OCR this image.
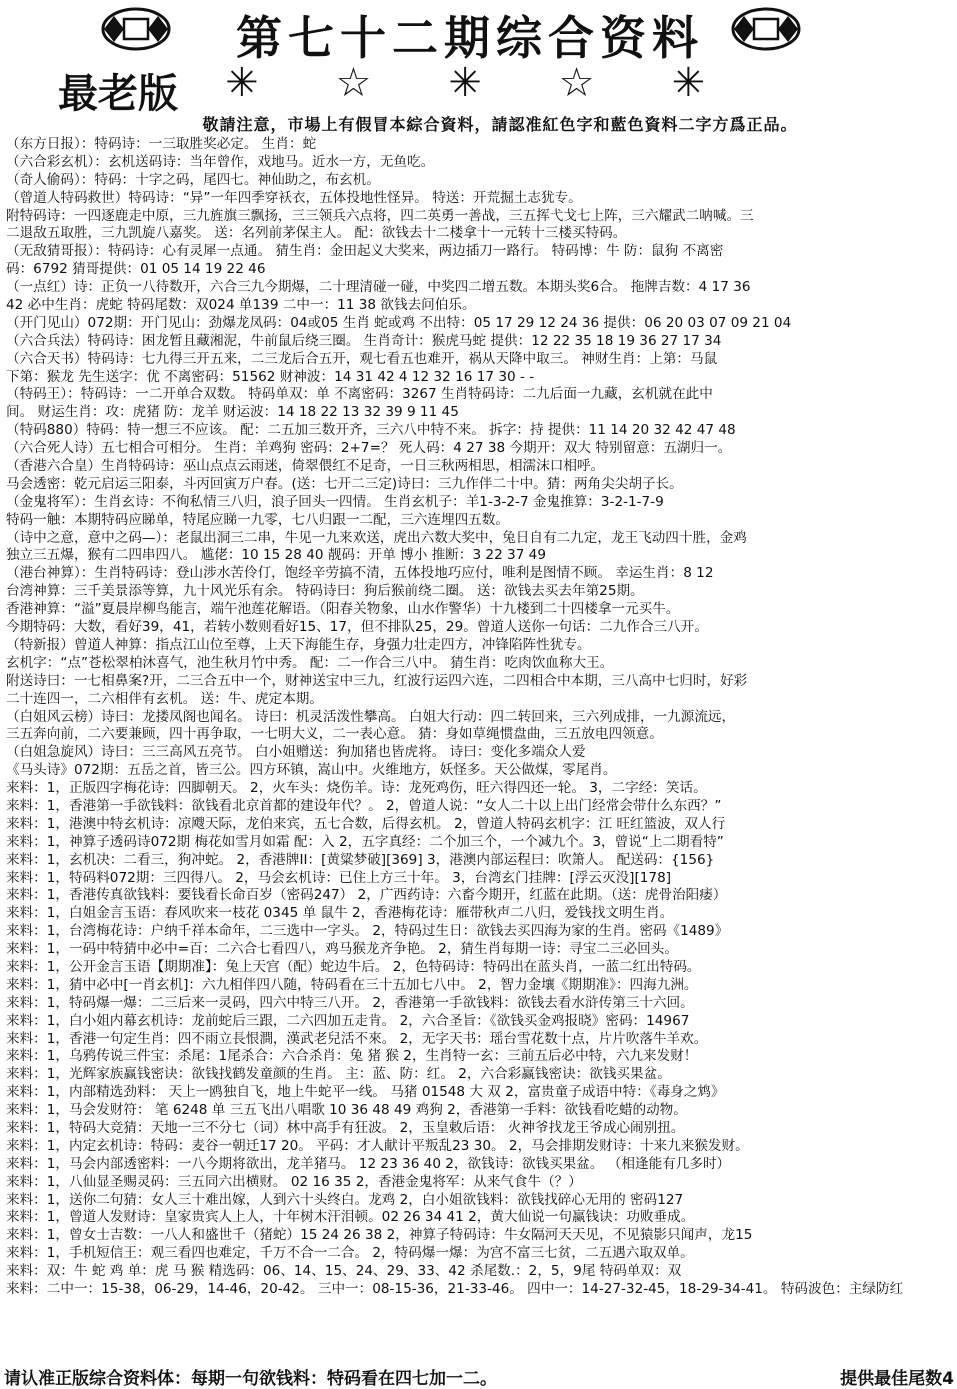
第七十二期综合资料
最老版 ✳ ☆ ✳ ☆ ✳
敬請注意，市場上有假冒本綜合資料，請認准紅色字和藍色資料二字方爲正品。
（东方日报）：特码诗：一三取胜奖必定。 生肖：蛇
（六合彩玄机）：玄机送码诗：当年曾作，戏地马。近水一方，无鱼吃。
（奇人偷码）：特码：十字之码，尾四七。神仙助之，布玄机。
（曾道人特码救世）特码诗：“异”一年四季穿袄衣，五体投地性怪异。 特送：开荒掘土志犹专。
附特码诗：一四逐鹿走中原，三九旌旗三飘扬，三三领兵六点将，四二英勇一善战，三五挥弋戈七上阵，三六耀武二呐喊。三
二退敌五取胜，三九凯旋八嘉奖。 送：名列前茅保主人。 配：欲钱去十二楼拿十一元转十三楼买特码。
（无敌猜哥报）：特码诗：心有灵犀一点通。 猜生肖：金田起义大奖来，两边插刀一路行。 特码博：牛 防：鼠狗 不离密
码：6792 猜哥提供：01 05 14 19 22 46
（一点红）诗：正负一八待数开，六合三九今期爆，二十理清碰一碰，中奖四二增五数。本期头奖6合。 拖牌吉数：4 17 36
42 必中生肖：虎蛇 特码尾数：双024 单139 二中一：11 38 欲钱去问伯乐。
（开门见山）072期：开门见山：劲爆龙凤码：04或05 生肖 蛇或鸡 不出特：05 17 29 12 24 36 提供：06 20 03 07 09 21 04
（六合兵法）特码诗：困龙暂且藏湘泥，牛前鼠后绕三圈。 生肖奇计：猴虎马蛇 提供：12 22 35 18 19 36 27 17 34
（六合天书）特码诗：七九得三开五来，二三龙后合五开，观七看五也难开，祸从天降中取三。 神财生肖：上第：马鼠
下第：猴龙 先生送字：优 不离密码：51562 财神波：14 31 42 4 12 32 16 17 30 - -
（特码王）：特码诗：一二开单合双数。 特码单双：单 不离密码：3267 生肖特码诗：二九后面一九藏，玄机就在此中
间。 财运生肖：攻：虎猪 防：龙羊 财运波：14 18 22 13 32 39 9 11 45
（特码880）特码：特一想三不应该。 配：二五加三数开齐，三六八中特不来。 拆字：持 提供：11 14 20 32 42 47 48
（六合死人诗）五七相合可相分。 生肖：羊鸡狗 密码：2+7=？ 死人码：4 27 38 今期开：双大 特别留意：五湖归一。
（香港六合皇）生肖特码诗：巫山点点云雨迷，倚翠偎红不足奇，一日三秋两相思，相濡沫口相呼。
马会透密：乾元启运三阳泰，斗丙回寅万户春。(送：七开二三定)诗曰：三九作伴二十中。猜：两角尖尖胡子长。
（金鬼将军）：生肖玄诗：不徇私情三八归，浪子回头一四情。 生肖玄机子：羊1-3-2-7 金鬼推算：3-2-1-7-9
特码一触：本期特码应睇单，特尾应睇一九零，七八归跟一二配，三六连埋四五数。
（诗中之意，意中之码—）：老鼠出洞三二串，牛见一九来欢送，虎出六数大奖中，兔日自有二九定，龙王飞动四十胜，金鸡
独立三五爆，猴有二四串四八。 尴佬：10 15 28 40 靓码：开单 博小 推断：3 22 37 49
（港台神算）：生肖特码诗：登山涉水苦伶仃，饱经辛劳搞不清，五体投地巧应付，唯利是图情不顾。 幸运生肖：8 12
台湾神算：三千美景添等算，九十风光乐有余。 特码诗曰：狗后猴前绕二圈。 送：欲钱去买去年第25期。
香港神算：“溢”夏晨岸柳鸟能言，端午池莲花解语。（阳春关物象，山水作警华）十九楼到二十四楼拿一元买牛。
今期特码：大数，看好39，41，若转小数则看好15、17，但不排队25，29。曾道人送你一句话：二九作合三八开。
（特新报）曾道人神算：指点江山位至尊，上天下海能生存，身强力壮走四方，冲锋陷阵性犹专。
玄机字：“点”苍松翠柏沐喜气，池生秋月竹中秀。 配：二一作合三八中。 猜生肖：吃肉饮血称大王。
附送诗曰：一七相鼻案?开，二三合五中一个，财神送宝中三九，红波行运四六连，二四相合中本期，三八高中七归时，好彩
二十连四一，二六相伴有玄机。 送：牛、虎定本期。
（白姐风云榜）诗曰：龙搂凤阁也闻名。 诗曰：机灵活泼性攀高。 白姐大行动：四二转回来，三六列成排，一九源流远，
三五奔向前，二六要兼顾，四十再争取，一七明大义，二一表心意。 猜：身如草绳惯盘曲，三五放电四领意。
（白姐急旋风）诗曰：三三高风五亮节。 白小姐赠送：狗加猪也皆虎将。 诗曰：变化多端众人爱
《马头诗》072期：五岳之首，皆三公。四方环镇，嵩山中。火维地方，妖怪多。天公做煤，零尾肖。
来料：1，正版四字梅花诗：四脚朝天。 2，火车头：烧伤羊。诗：龙死鸡伤，旺六得四还一轮。 3，二字经：笑话。
来料：1，香港第一手欲钱料：欲钱看北京首都的建设年代？。 2，曾道人说：“女人二十以上出门经常会带什么东西？”
来料：1，港澳中特玄机诗：凉飕天际，龙伯来宾，五七合数，后得玄机。 2，曾道人特码玄机字：江 旺红篮波，双人行
来料：1，神算子透码诗072期 梅花如雪月如霜 配：入 2，五字真经：二个加三个，一个减九个。3，曾说“上二期看特”
来料：1，玄机决：二看三，狗冲蛇。 2，香港牌II：[黄粱梦破][369] 3，港澳内部运程曰：吹箫人。 配送码：{156}
来料：1，特码料072期：三四得八。 2，马会玄机诗：已住上方三十年。 3，台湾玄门挂牌：[浮云灭没][178]
来料：1，香港传真欲钱料：要钱看长命百岁（密码247） 2，广西药诗：六畜今期开，红蓝在此期。（送：虎骨治阳痿）
来料：1，白姐金言玉语：春风吹来一枝花 0345 单 鼠牛 2，香港梅花诗：雁带秋声二八归，爱钱找文明生肖。
来料：1，台湾梅花诗：户纳千祥本命年，二三选中一字头。 2，特码过生日：欲钱去买四海为家的生肖。密码《1489》
来料：1，一码中特猜中必中=百：二六合七看四八，鸡马猴龙齐争艳。 2，猜生肖每期一诗：寻宝二三必回头。
来料：1，公开金言玉语【期期准】：兔上天宫（配）蛇边牛后。 2，色特码诗：特码出在蓝头肖，一蓝二红出特码。
来料：1，猜中必中[一肖玄机]：六九相伴四八随，特码看在三十五加七八中。 2，智力金壤《期期准》：四海九洲。
来料：1，特码爆一爆：二三后来一灵码，四六中特三八开。 2，香港第一手欲钱料：欲钱去看水浒传第三十六回。
来料：1，白小姐内幕玄机诗：龙前蛇后三跟，二六四加五走肯。 2，六合圣旨：《欲钱买金鸡报晓》密码：14967
来料：1，香港一句定生肖：四不雨立長恨澗，漢武老兒活不來。 2，无字天书：瑶台雪花数十点，片片吹落牛羊欢。
来料：1，乌鸦传说三件宝：杀尾：1尾杀合：六合杀肖：兔 猪 猴 2，生肖特一玄：三前五后必中特，六九来发财！
来料：1，光辉家族赢钱密诀：欲钱找鹤发童颜的生肖。 主：蓝、防：红。 2，六合彩赢钱密诀：欲钱买果盆。
来料：1，内部精选劲料： 天上一鸥独自飞，地上牛蛇平一线。 马猪 01548 大 双 2，富贵童子成语中特：《毒身之鸩》
来料：1，马会发财符： 笔 6248 单 三五飞出八唱歌 10 36 48 49 鸡狗 2，香港第一手料：欲钱看吃蜡的动物。
来料：1，特码大竞猜：天地一三不分七（词）林中高手有狂波。 2，玉皇敕后语： 火神爷找龙王爷成心闹别扭。
来料：1，内定玄机诗：特码：麦谷一朝迁17 20。 平码：才人献计平叛乱23 30。 2，马会排期发财诗：十来九来猴发财。
来料：1，马会内部透密料：一八今期将欲出，龙羊猪马。 12 23 36 40 2，欲钱诗：欲钱买果盆。 （相逢能有几多时）
来料：1，八仙显圣赐灵码：三五同六出横财。 02 16 35 2，香港金鬼将军：从来气食牛（？）
来料：1，送你二句猜：女人三十难出嫁，人到六十头终白。龙鸡 2，白小姐欲钱料：欲钱找碎心无用的 密码127
来料：1，曾道人发财诗：皇家贵宾人上人，十年树木汗泪顿。02 26 34 41 2，黄大仙说一句赢钱诀：功败垂成。
来料：1，曾女士吉数：一八人和盛世千（猪蛇）15 24 26 38 2，神算子特码诗：牛女隔河天天见，不见猿影只闻声，龙15
来料：1，手机短信王：观三看四也难定，千万不合一二合。 2，特码爆一爆：为宫不富三七贫，二五遇六取双单。
来料：双：牛 蛇 鸡 单：虎 马 猴 精选码：06、14、15、24、29、33、42 杀尾数.：2，5，9尾 特码单双：双
来料：二中一：15-38，06-29，14-46，20-42。 三中一：08-15-36，21-33-46。 四中一：14-27-32-45，18-29-34-41。 特码波色：主绿防红
请认准正版综合资料体：每期一句欲钱料：特码看在四七加一二。	提供最佳尾数4
